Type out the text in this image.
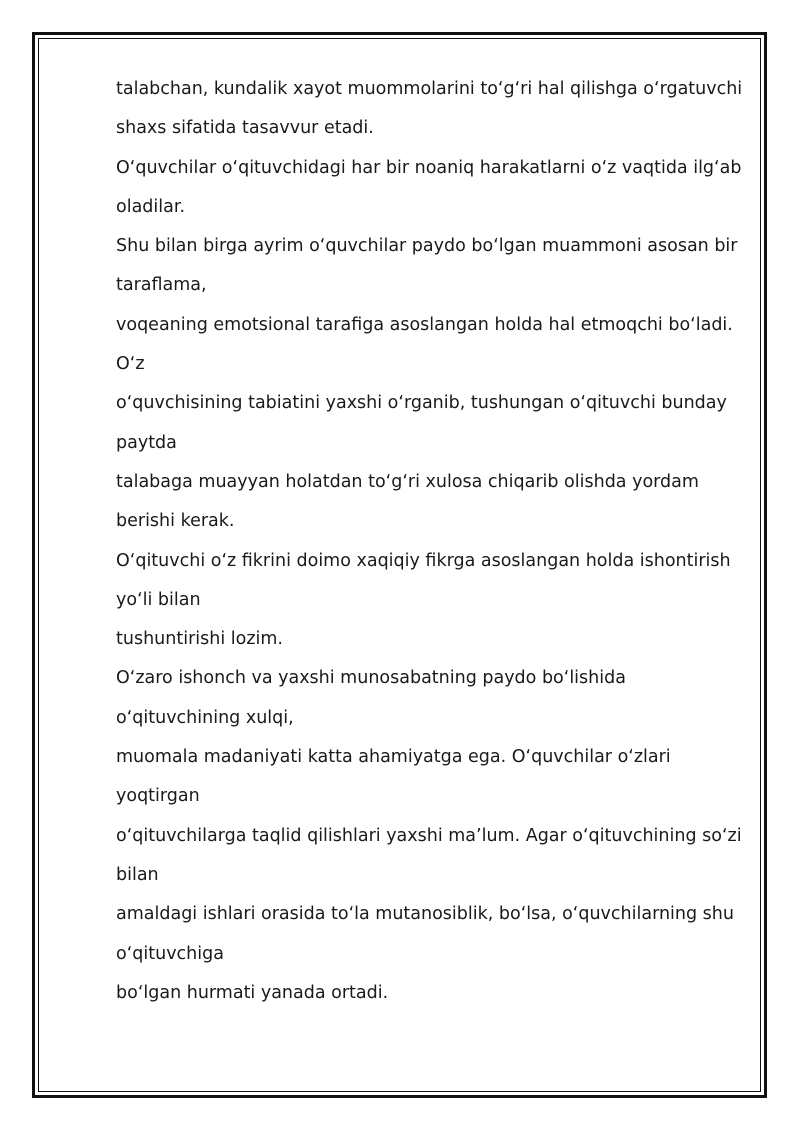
talabchan, kundalik xayot muommolarini to‘g‘ri hal qilishga o‘rgatuvchi
shaxs sifatida tasavvur etadi.
O‘quvchilar o‘qituvchidagi har bir noaniq harakatlarni o‘z vaqtida ilg‘ab
oladilar.
Shu bilan birga ayrim o‘quvchilar paydo bo‘lgan muammoni asosan bir
taraflama,
voqeaning emotsional tarafiga asoslangan holda hal etmoqchi bo‘ladi.
O‘z
o‘quvchisining tabiatini yaxshi o‘rganib, tushungan o‘qituvchi bunday
paytda
talabaga muayyan holatdan to‘g‘ri xulosa chiqarib olishda yordam
berishi kerak.
O‘qituvchi o‘z fikrini doimo xaqiqiy fikrga asoslangan holda ishontirish
yo‘li bilan
tushuntirishi lozim.
O‘zaro ishonch va yaxshi munosabatning paydo bo‘lishida
o‘qituvchining xulqi,
muomala madaniyati katta ahamiyatga ega. O‘quvchilar o‘zlari
yoqtirgan
o‘qituvchilarga taqlid qilishlari yaxshi ma’lum. Agar o‘qituvchining so‘zi
bilan
amaldagi ishlari orasida to‘la mutanosiblik, bo‘lsa, o‘quvchilarning shu
o‘qituvchiga
bo‘lgan hurmati yanada ortadi.
